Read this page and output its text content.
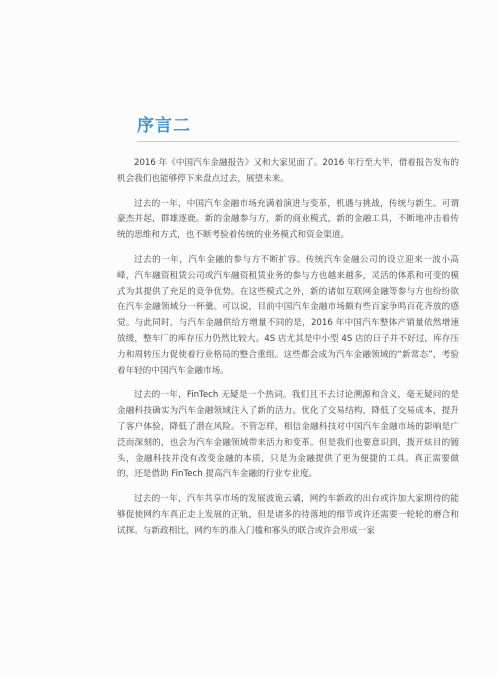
序言二

2016 年《中国汽车金融报告》又和大家见面了。2016 年行至大半，借着报告发布的机会我们也能够停下来盘点过去，展望未来。

过去的一年，中国汽车金融市场充满着演进与变革，机遇与挑战，传统与新生。可谓豪杰并起，群雄逐鹿。新的金融参与方，新的商业模式，新的金融工具，不断地冲击着传统的思维和方式，也不断考验着传统的业务模式和资金渠道。

过去的一年，汽车金融的参与方不断扩容。传统汽车金融公司的设立迎来一波小高峰，汽车融资租赁公司或汽车融资租赁业务的参与方也越来越多，灵活的体系和可变的模式为其提供了充足的竞争优势。在这些模式之外，新的诸如互联网金融等参与方也纷纷欲在汽车金融领域分一杯羹。可以说，目前中国汽车金融市场颇有些百家争鸣百花齐放的感觉。与此同时，与汽车金融供给方增量不同的是，2016 年中国汽车整体产销量依然增速放缓，整车厂的库存压力仍然比较大。4S 店尤其是中小型 4S 店的日子并不好过，库存压力和周转压力促使着行业格局的整合重组。这些都会成为汽车金融领域的“新常态”，考验着年轻的中国汽车金融市场。

过去的一年，FinTech 无疑是一个热词。我们且不去讨论溯源和含义，毫无疑问的是金融科技确实为汽车金融领域注入了新的活力。优化了交易结构，降低了交易成本，提升了客户体验，降低了潜在风险。不管怎样，相信金融科技对中国汽车金融市场的影响是广泛而深刻的，也会为汽车金融领域带来活力和变革。但是我们也要意识到，拨开炫目的镀头，金融科技并没有改变金融的本质，只是为金融提供了更为便捷的工具。真正需要做的，还是借助 FinTech 提高汽车金融的行业专业度。

过去的一年，汽车共享市场的发展波诡云谲，网约车新政的出台或许加大家期待的能够促使网约车真正走上发展的正轨，但是诸多的待落地的细节或许还需要一轮轮的磨合和试探。与新政相比，网约车的准入门槛和寡头的联合或许会形成一家
